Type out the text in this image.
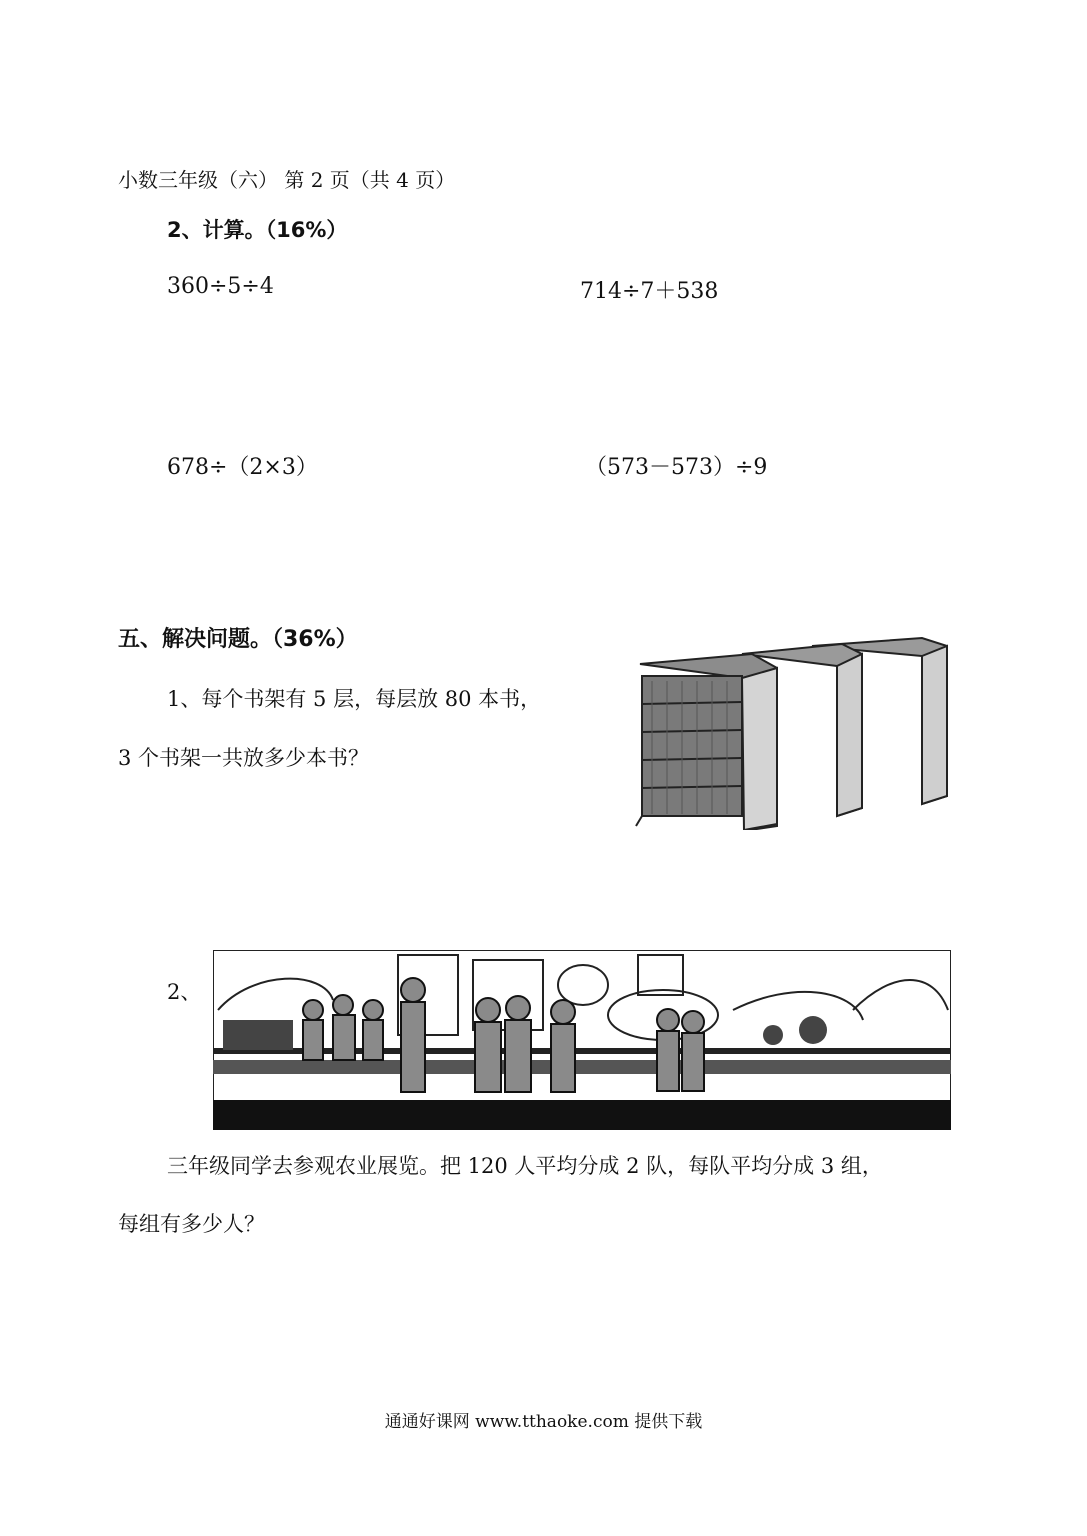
小数三年级（六） 第 2 页（共 4 页）
2、计算。（16%）
360÷5÷4	714÷7＋538
678÷（2×3）	（573－573）÷9
五、解决问题。（36%）
1、每个书架有 5 层，每层放 80 本书，
3 个书架一共放多少本书？
2、
三年级同学去参观农业展览。把 120 人平均分成 2 队，每队平均分成 3 组，
每组有多少人？
通通好课网 www.tthaoke.com 提供下载
